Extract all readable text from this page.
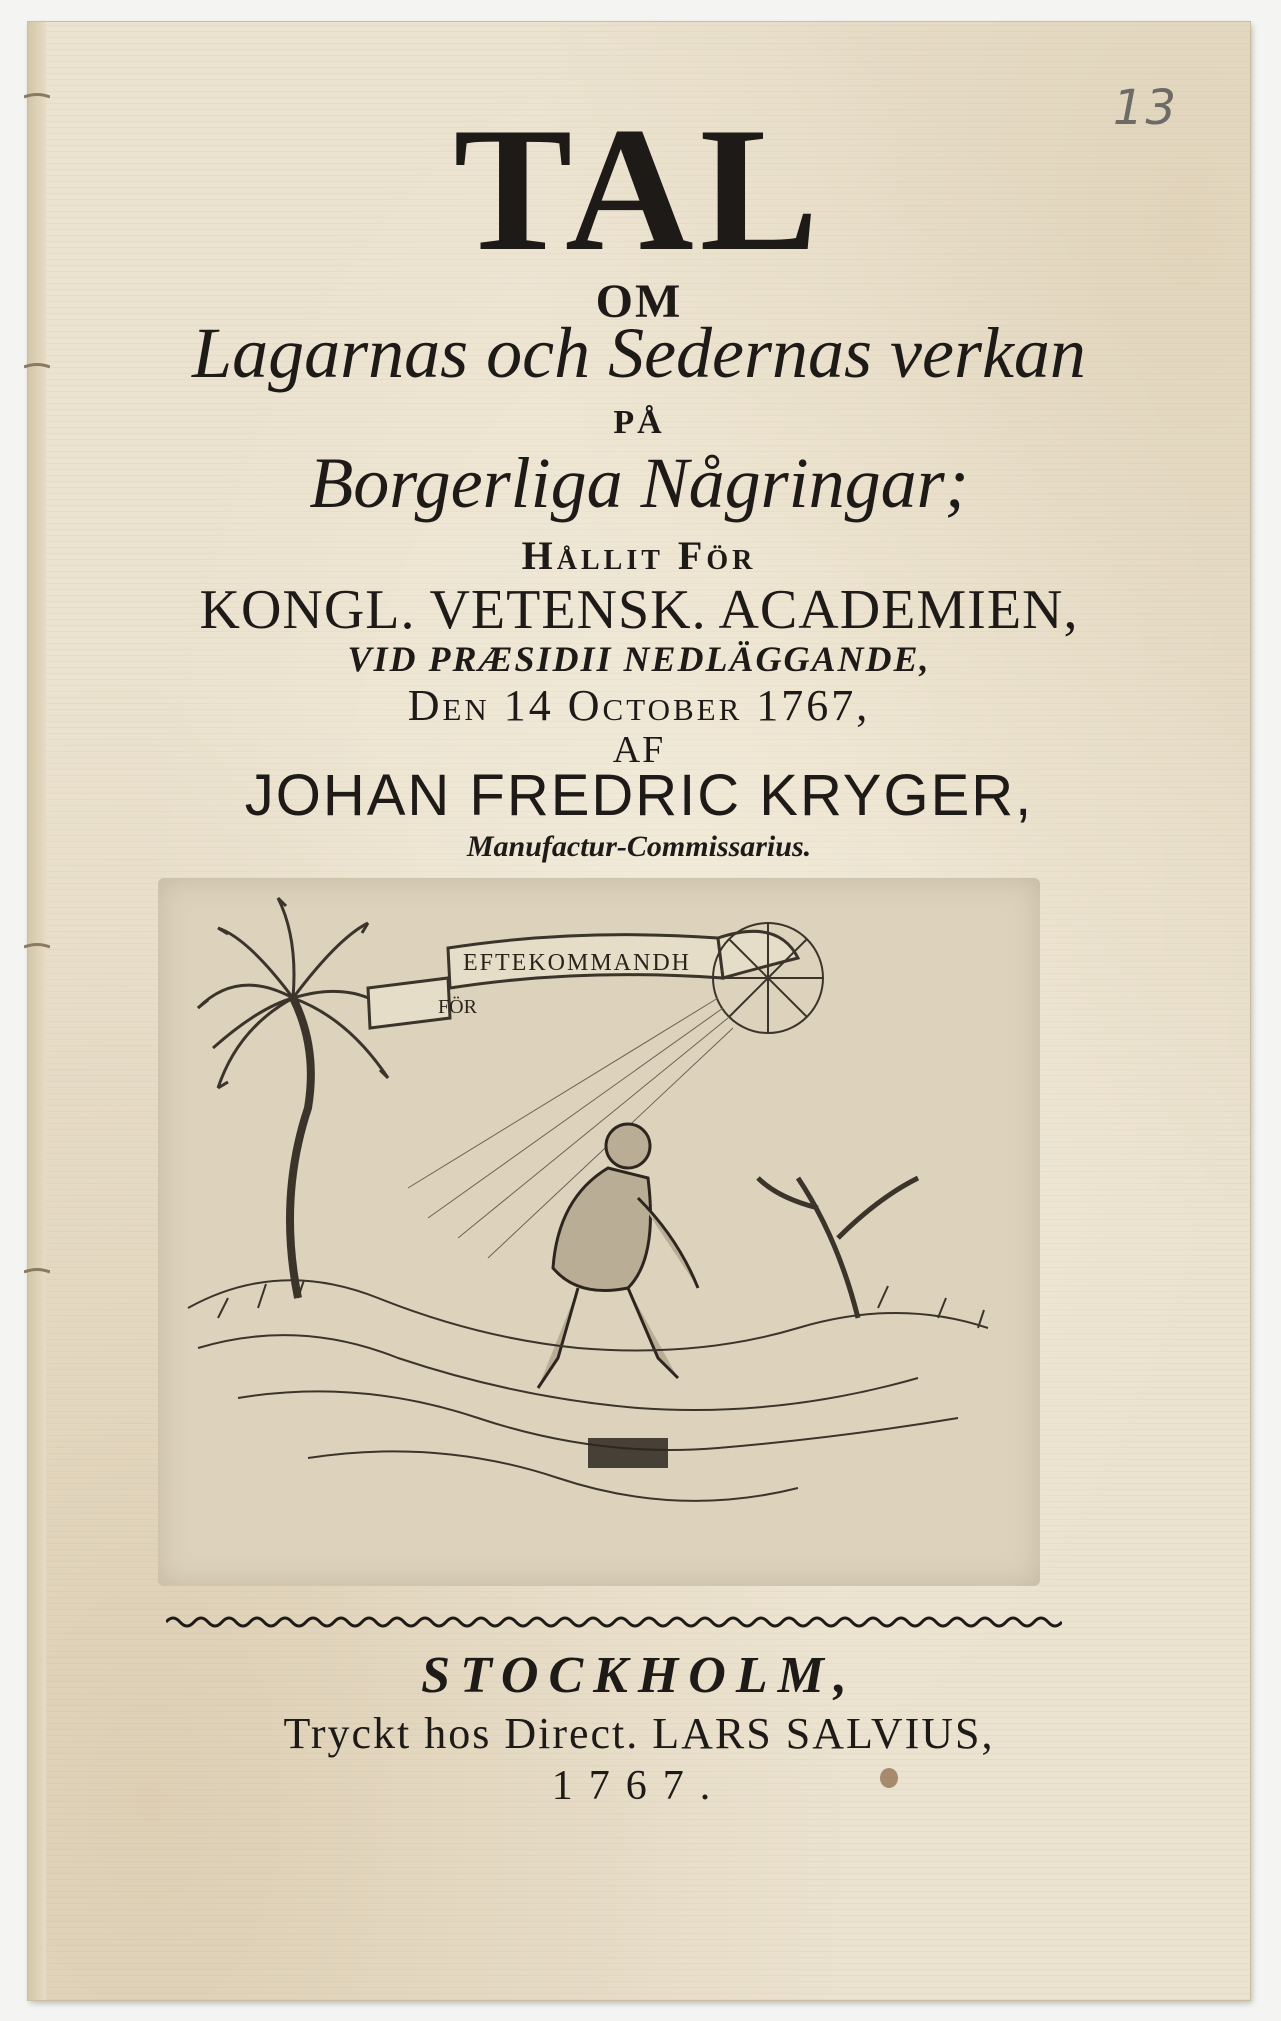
13
TAL
OM
Lagarnas och Sedernas verkan
PÅ
Borgerliga Någringar;
Hållit För
KONGL. VETENSK. ACADEMIEN,
VID PRÆSIDII NEDLÄGGANDE,
Den 14 October 1767,
AF
JOHAN FREDRIC KRYGER,
Manufactur-Commissarius.
FÖR
EFTEKOMMANDH
STOCKHOLM,
Tryckt hos Direct. LARS SALVIUS,
1767.
